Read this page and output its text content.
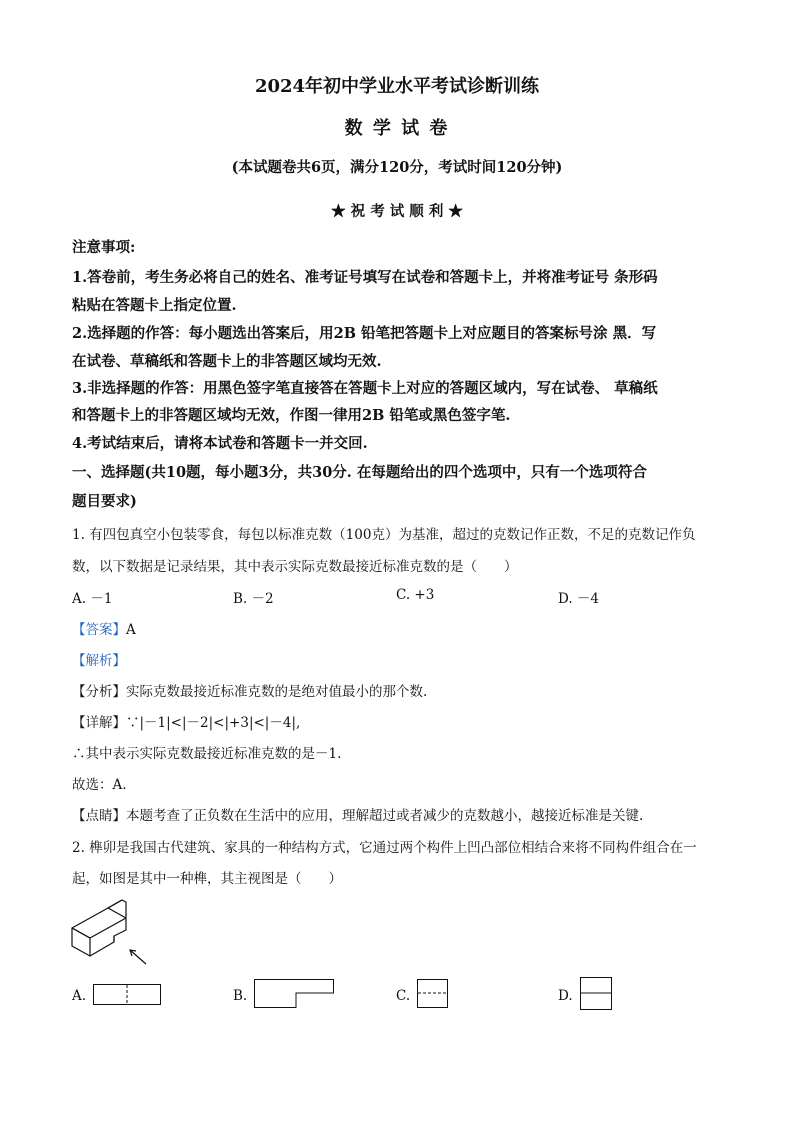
2024年初中学业水平考试诊断训练
数 学 试 卷
(本试题卷共6页，满分120分，考试时间120分钟)
★ 祝 考 试 顺 利 ★
注意事项:
1.答卷前，考生务必将自己的姓名、准考证号填写在试卷和答题卡上，并将准考证号 条形码
粘贴在答题卡上指定位置.
2.选择题的作答：每小题选出答案后，用2B 铅笔把答题卡上对应题目的答案标号涂 黑．写
在试卷、草稿纸和答题卡上的非答题区域均无效.
3.非选择题的作答：用黑色签字笔直接答在答题卡上对应的答题区域内，写在试卷、 草稿纸
和答题卡上的非答题区域均无效，作图一律用2B 铅笔或黑色签字笔.
4.考试结束后，请将本试卷和答题卡一并交回.
一、选择题(共10题，每小题3分，共30分. 在每题给出的四个选项中，只有一个选项符合
题目要求)
1. 有四包真空小包装零食，每包以标准克数（100克）为基准，超过的克数记作正数，不足的克数记作负
数，以下数据是记录结果，其中表示实际克数最接近标准克数的是（　　）
A. －1	B. －2	C. +3	D. －4
【答案】A
【解析】
【分析】实际克数最接近标准克数的是绝对值最小的那个数.
【详解】∵|－1|<|－2|<|+3|<|－4|,
∴其中表示实际克数最接近标准克数的是－1.
故选：A.
【点睛】本题考查了正负数在生活中的应用，理解超过或者减少的克数越小，越接近标准是关键.
2. 榫卯是我国古代建筑、家具的一种结构方式，它通过两个构件上凹凸部位相结合来将不同构件组合在一
起，如图是其中一种榫，其主视图是（　　）
A.	B.	C.	D.
